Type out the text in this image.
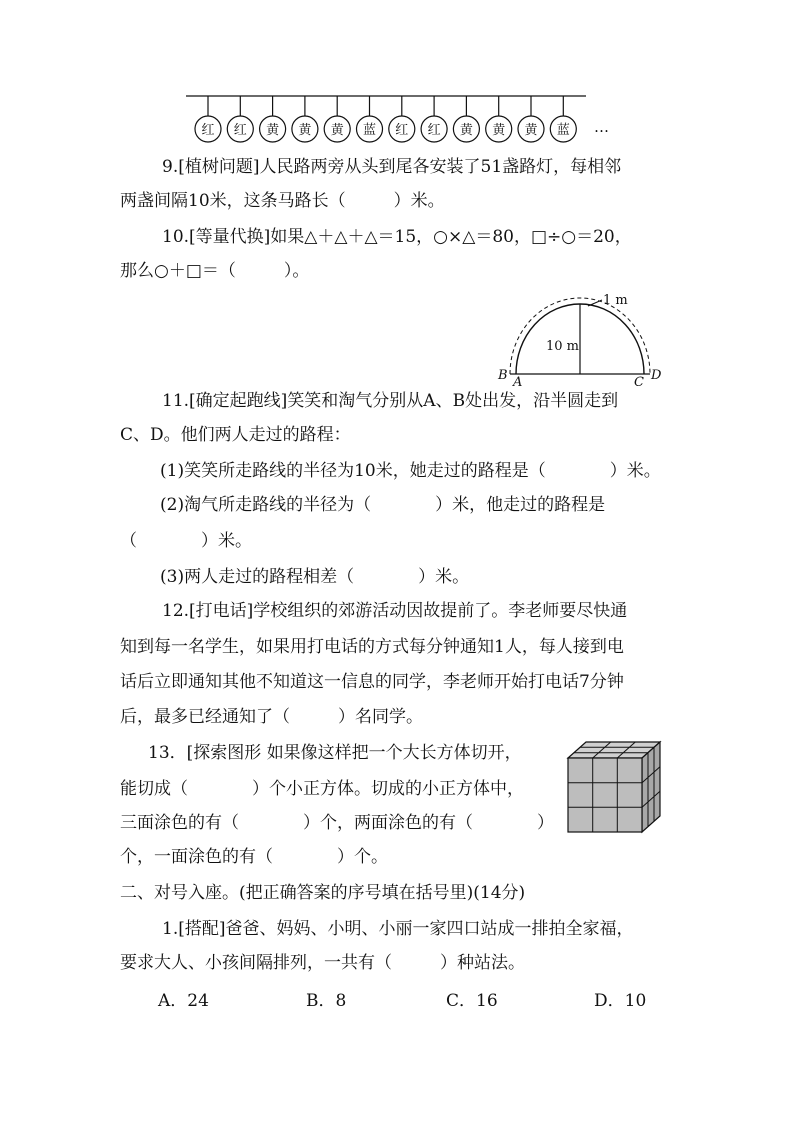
红 红 黄 黄 黄 蓝 红 红 黄 黄 黄 蓝 …
9.[植树问题]人民路两旁从头到尾各安装了51盏路灯，每相邻
两盏间隔10米，这条马路长（	）米。
10.[等量代换]如果△＋△＋△＝15，○×△＝80，□÷○＝20，
那么○＋□＝（	）。
1 m
10 m
B A	C D
11.[确定起跑线]笑笑和淘气分别从A、B处出发，沿半圆走到
C、D。他们两人走过的路程：
(1)笑笑所走路线的半径为10米，她走过的路程是（	）米。
(2)淘气所走路线的半径为（	）米，他走过的路程是
（	）米。
(3)两人走过的路程相差（	）米。
12.[打电话]学校组织的郊游活动因故提前了。李老师要尽快通
知到每一名学生，如果用打电话的方式每分钟通知1人，每人接到电
话后立即通知其他不知道这一信息的同学，李老师开始打电话7分钟
后，最多已经通知了（	）名同学。
13．[探索图形 如果像这样把一个大长方体切开，
能切成（	）个小正方体。切成的小正方体中，
三面涂色的有（	）个，两面涂色的有（	）
个，一面涂色的有（	）个。
二、对号入座。(把正确答案的序号填在括号里)(14分)
1.[搭配]爸爸、妈妈、小明、小丽一家四口站成一排拍全家福，
要求大人、小孩间隔排列，一共有（	）种站法。
A．24	B．8	C．16	D．10
